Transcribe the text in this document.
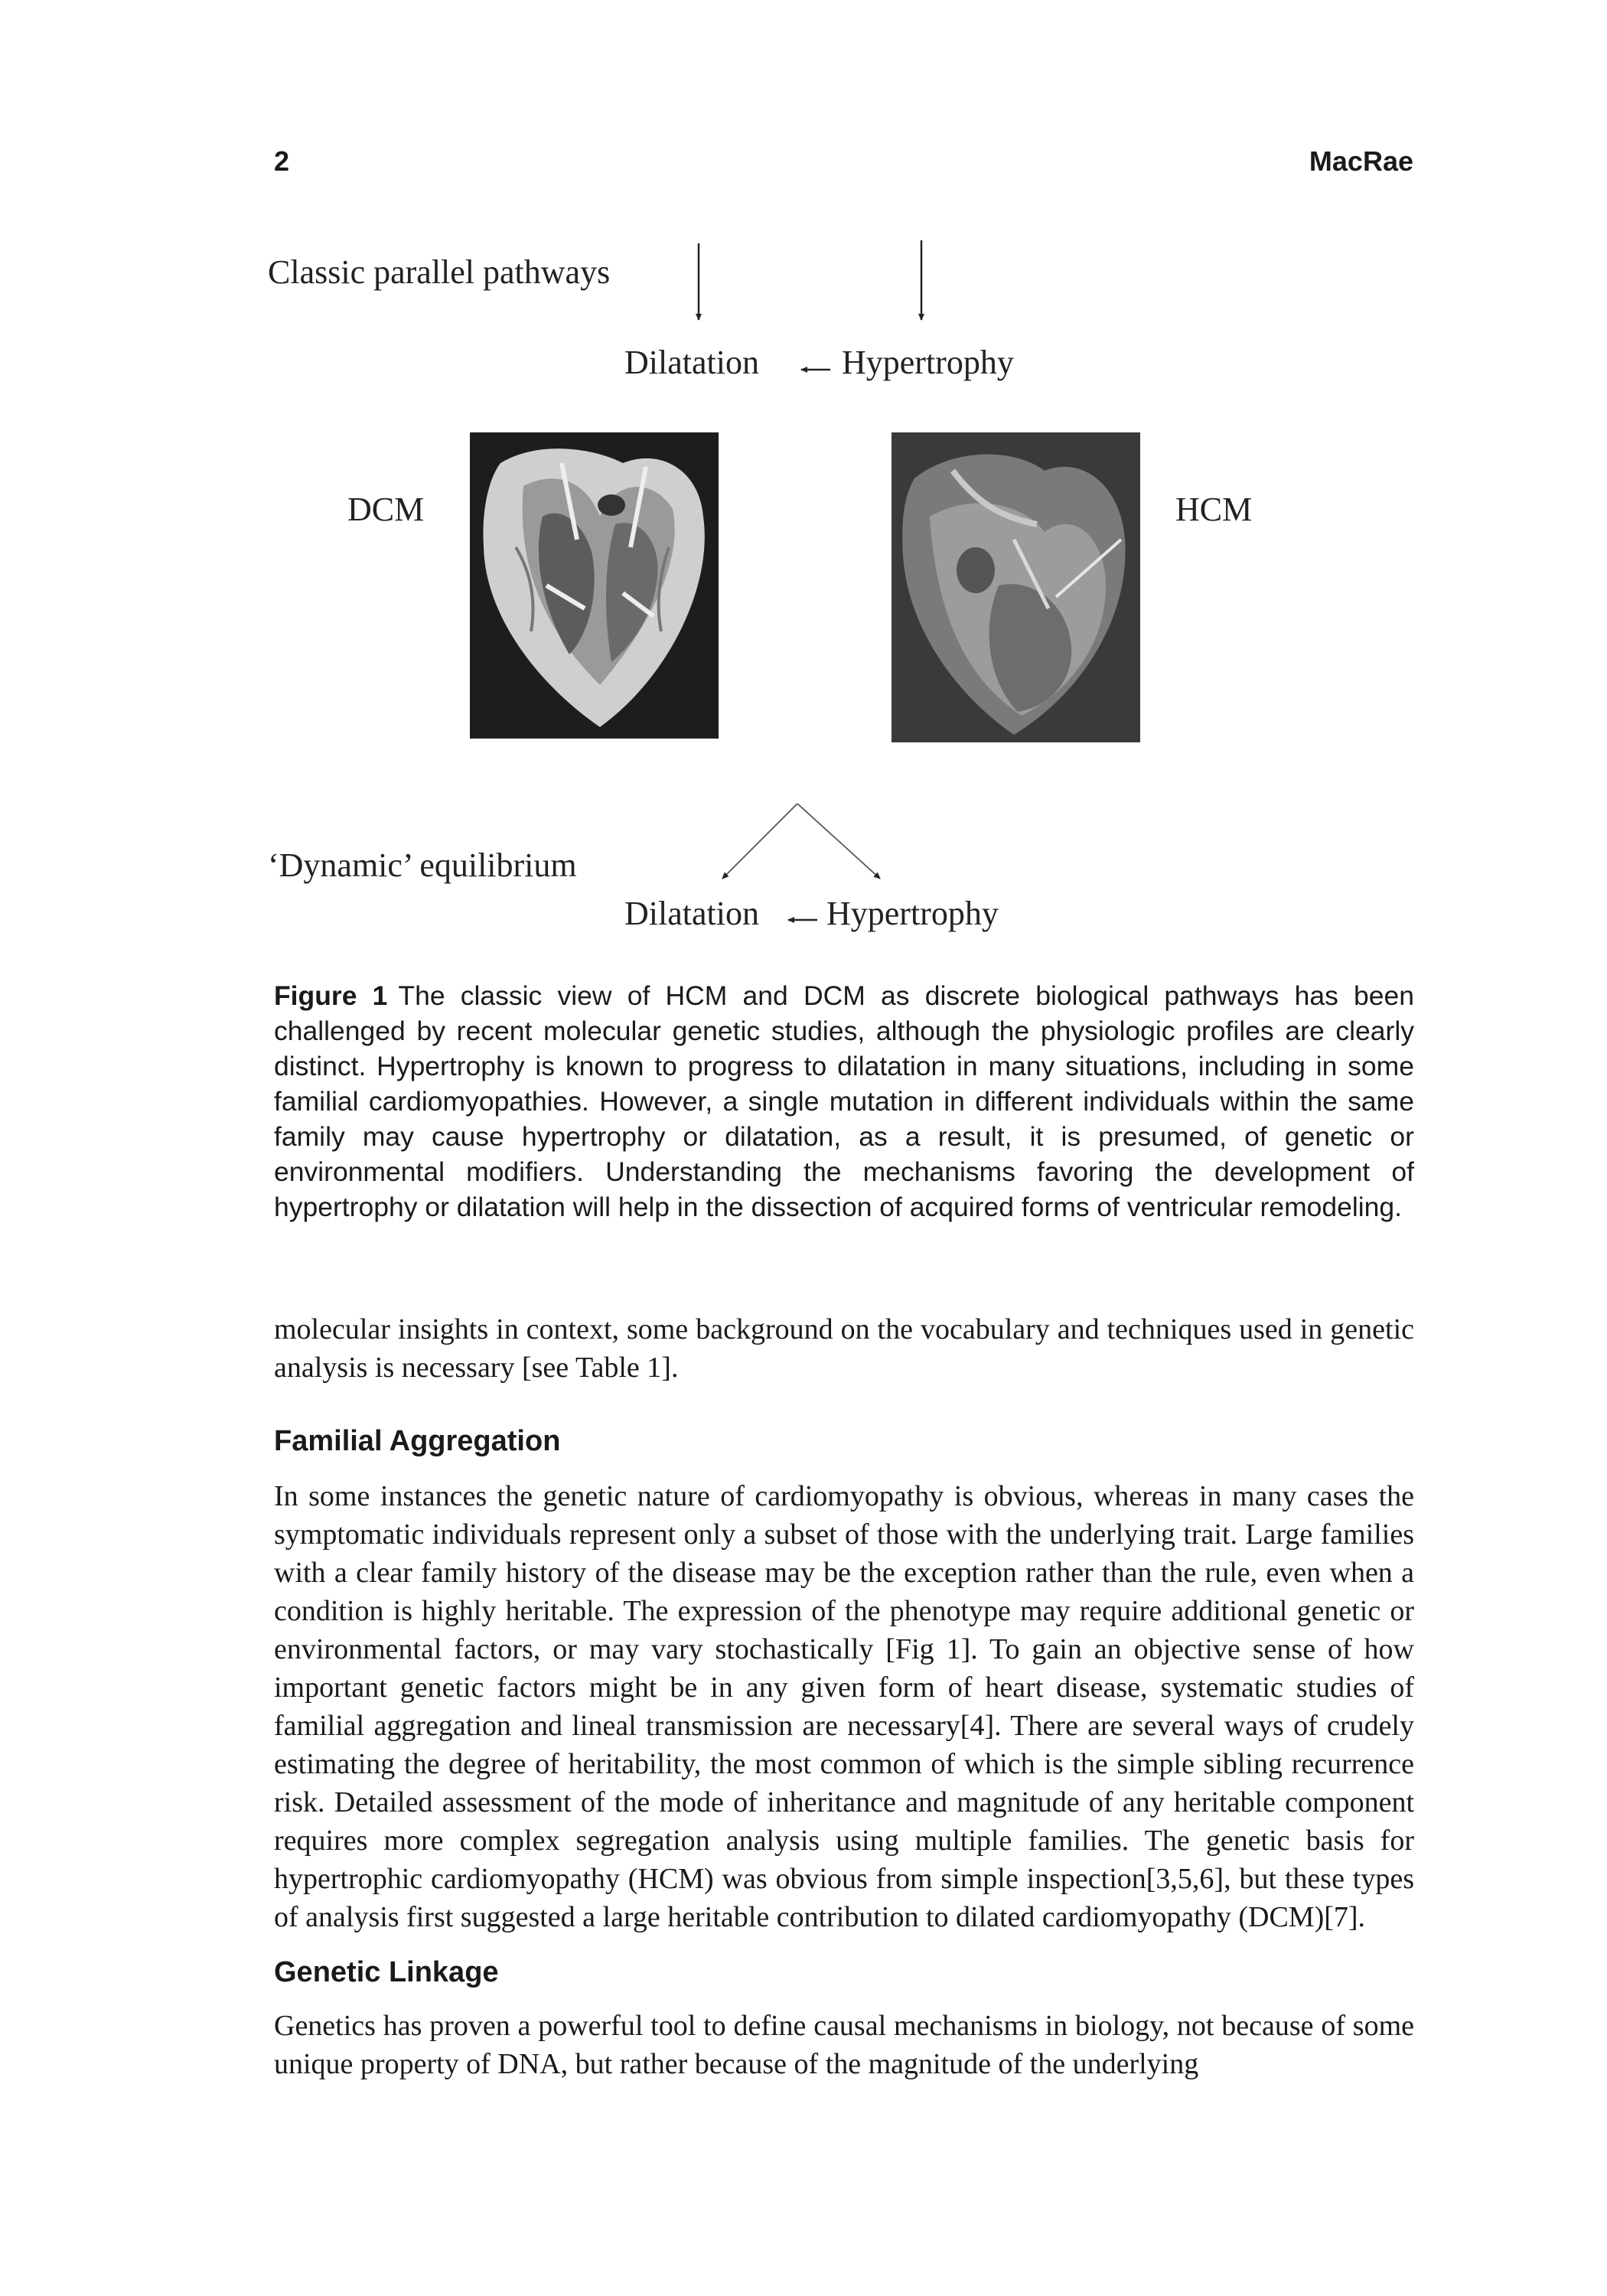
2	MacRae
Classic parallel pathways
Dilatation Hypertrophy
DCM	HCM
‘Dynamic’ equilibrium
Dilatation Hypertrophy
Figure 1 The classic view of HCM and DCM as discrete biological pathways has been challenged by recent molecular genetic studies, although the physiologic profiles are clearly distinct. Hypertrophy is known to progress to dilatation in many situations, including in some familial cardiomyopathies. However, a single mutation in different individuals within the same family may cause hypertrophy or dilatation, as a result, it is presumed, of genetic or environmental modifiers. Understanding the mechanisms favoring the development of hypertrophy or dilatation will help in the dissection of acquired forms of ventricular remodeling.

molecular insights in context, some background on the vocabulary and techniques used in genetic analysis is necessary [see Table 1].

Familial Aggregation

In some instances the genetic nature of cardiomyopathy is obvious, whereas in many cases the symptomatic individuals represent only a subset of those with the underlying trait. Large families with a clear family history of the disease may be the exception rather than the rule, even when a condition is highly heritable. The expression of the phenotype may require additional genetic or environmental factors, or may vary stochastically [Fig 1]. To gain an objective sense of how important genetic factors might be in any given form of heart disease, systematic studies of familial aggregation and lineal transmission are necessary[4]. There are several ways of crudely estimating the degree of heritability, the most common of which is the simple sibling recurrence risk. Detailed assessment of the mode of inheritance and magnitude of any heritable component requires more complex segregation analysis using multiple families. The genetic basis for hypertrophic cardiomyopathy (HCM) was obvious from simple inspection[3,5,6], but these types of analysis first suggested a large heritable contribution to dilated cardiomyopathy (DCM)[7].

Genetic Linkage

Genetics has proven a powerful tool to define causal mechanisms in biology, not because of some unique property of DNA, but rather because of the magnitude of the underlying
